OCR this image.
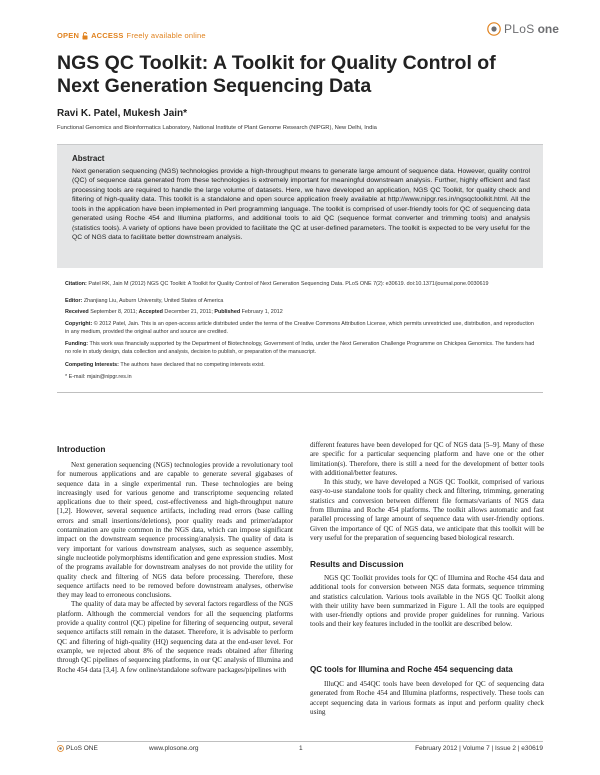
OPEN ACCESS Freely available online	PLoS one
NGS QC Toolkit: A Toolkit for Quality Control of Next Generation Sequencing Data
Ravi K. Patel, Mukesh Jain*
Functional Genomics and Bioinformatics Laboratory, National Institute of Plant Genome Research (NIPGR), New Delhi, India
Abstract
Next generation sequencing (NGS) technologies provide a high-throughput means to generate large amount of sequence data. However, quality control (QC) of sequence data generated from these technologies is extremely important for meaningful downstream analysis. Further, highly efficient and fast processing tools are required to handle the large volume of datasets. Here, we have developed an application, NGS QC Toolkit, for quality check and filtering of high-quality data. This toolkit is a standalone and open source application freely available at http://www.nipgr.res.in/ngsqctoolkit.html. All the tools in the application have been implemented in Perl programming language. The toolkit is comprised of user-friendly tools for QC of sequencing data generated using Roche 454 and Illumina platforms, and additional tools to aid QC (sequence format converter and trimming tools) and analysis (statistics tools). A variety of options have been provided to facilitate the QC at user-defined parameters. The toolkit is expected to be very useful for the QC of NGS data to facilitate better downstream analysis.
Citation: Patel RK, Jain M (2012) NGS QC Toolkit: A Toolkit for Quality Control of Next Generation Sequencing Data. PLoS ONE 7(2): e30619. doi:10.1371/journal.pone.0030619
Editor: Zhanjiang Liu, Auburn University, United States of America
Received September 8, 2011; Accepted December 21, 2011; Published February 1, 2012
Copyright: © 2012 Patel, Jain. This is an open-access article distributed under the terms of the Creative Commons Attribution License, which permits unrestricted use, distribution, and reproduction in any medium, provided the original author and source are credited.
Funding: This work was financially supported by the Department of Biotechnology, Government of India, under the Next Generation Challenge Programme on Chickpea Genomics. The funders had no role in study design, data collection and analysis, decision to publish, or preparation of the manuscript.
Competing Interests: The authors have declared that no competing interests exist.
* E-mail: mjain@nipgr.res.in
Introduction

Next generation sequencing (NGS) technologies provide a revolutionary tool for numerous applications and are capable to generate several gigabases of sequence data in a single experimental run. These technologies are being increasingly used for various genome and transcriptome sequencing related applications due to their speed, cost-effectiveness and high-throughput nature [1,2]. However, several sequence artifacts, including read errors (base calling errors and small insertions/deletions), poor quality reads and primer/adaptor contamination are quite common in the NGS data, which can impose significant impact on the downstream sequence processing/analysis. The quality of data is very important for various downstream analyses, such as sequence assembly, single nucleotide polymorphisms identification and gene expression studies. Most of the programs available for downstream analyses do not provide the utility for quality check and filtering of NGS data before processing. Therefore, these sequence artifacts need to be removed before downstream analyses, otherwise they may lead to erroneous conclusions.

The quality of data may be affected by several factors regardless of the NGS platform. Although the commercial vendors for all the sequencing platforms provide a quality control (QC) pipeline for filtering of sequencing output, several sequence artifacts still remain in the dataset. Therefore, it is advisable to perform QC and filtering of high-quality (HQ) sequencing data at the end-user level. For example, we rejected about 8% of the sequence reads obtained after filtering through QC pipelines of sequencing platforms, in our QC analysis of Illumina and Roche 454 data [3,4]. A few online/standalone software packages/pipelines with

different features have been developed for QC of NGS data [5–9]. Many of these are specific for a particular sequencing platform and have one or the other limitation(s). Therefore, there is still a need for the development of better tools with additional/better features.

In this study, we have developed a NGS QC Toolkit, comprised of various easy-to-use standalone tools for quality check and filtering, trimming, generating statistics and conversion between different file formats/variants of NGS data from Illumina and Roche 454 platforms. The toolkit allows automatic and fast parallel processing of large amount of sequence data with user-friendly options. Given the importance of QC of NGS data, we anticipate that this toolkit will be very useful for the preparation of sequencing based biological research.

Results and Discussion

NGS QC Toolkit provides tools for QC of Illumina and Roche 454 data and additional tools for conversion between NGS data formats, sequence trimming and statistics calculation. Various tools available in the NGS QC Toolkit along with their utility have been summarized in Figure 1. All the tools are equipped with user-friendly options and provide proper guidelines for running. Various tools and their key features included in the toolkit are described below.

QC tools for Illumina and Roche 454 sequencing data

IlluQC and 454QC tools have been developed for QC of sequencing data generated from Roche 454 and Illumina platforms, respectively. These tools can accept sequencing data in various formats as input and perform quality check using

PLoS ONE	www.plosone.org	1	February 2012 | Volume 7 | Issue 2 | e30619
